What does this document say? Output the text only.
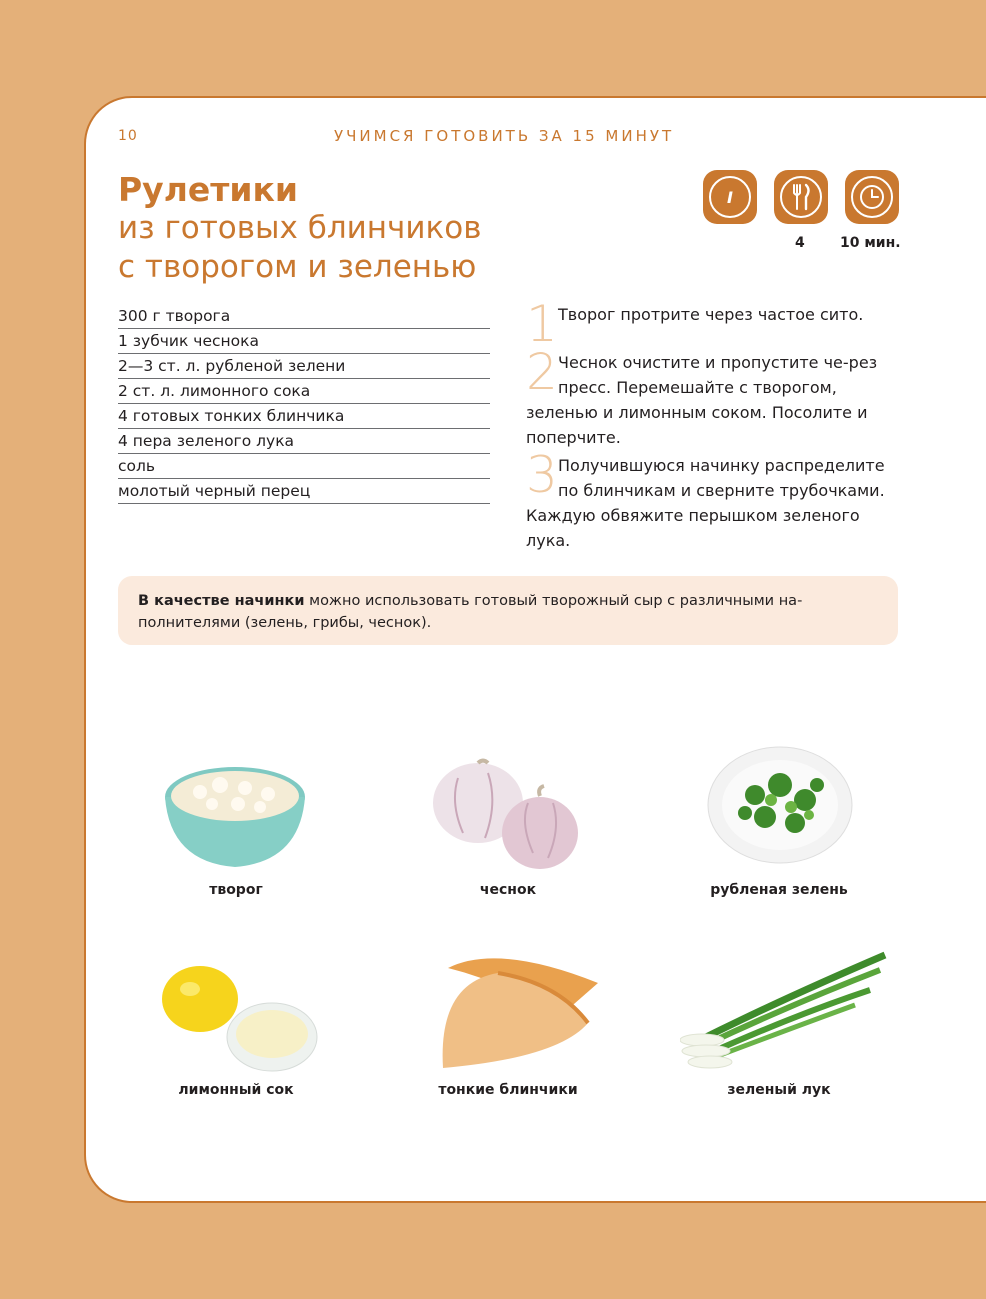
10	УЧИМСЯ ГОТОВИТЬ ЗА 15 МИНУТ
Рулетики
из готовых блинчиков
с творогом и зеленью
I
4	10 мин.
300 г творога
1 зубчик чеснока
2—3 ст. л. рубленой зелени
2 ст. л. лимонного сока
4 готовых тонких блинчика
4 пера зеленого лука
соль
молотый черный перец
1 Творог протрите через частое сито.
2 Чеснок очистите и пропустите че-рез пресс. Перемешайте с творогом, зеленью и лимонным соком. Посолите и поперчите.
3 Получившуюся начинку распределите по блинчикам и сверните трубочками. Каждую обвяжите перышком зеленого лука.
В качестве начинки можно использовать готовый творожный сыр с различными на-полнителями (зелень, грибы, чеснок).
творог	чеснок	рубленая зелень
лимонный сок	тонкие блинчики	зеленый лук
